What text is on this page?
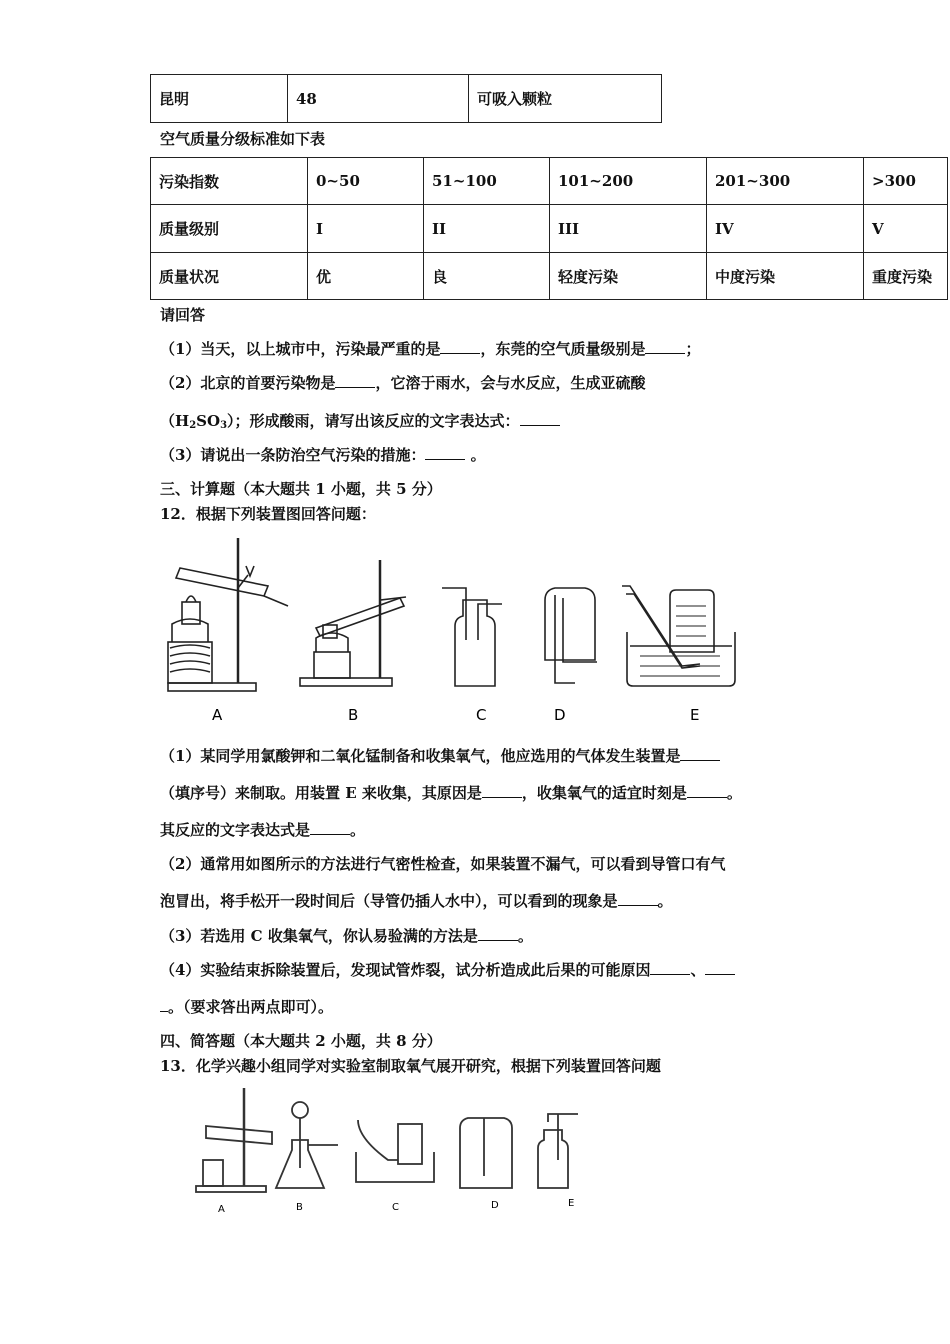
昆明	48	可吸入颗粒
空气质量分级标准如下表
污染指数	0~50	51~100	101~200	201~300	>300
质量级别	I	II	III	IV	V
质量状况	优	良	轻度污染	中度污染	重度污染
请回答
（1）当天，以上城市中，污染最严重的是	，东莞的空气质量级别是	；
（2）北京的首要污染物是	，它溶于雨水，会与水反应，生成亚硫酸
$(H_2SO_3)$；形成酸雨，请写出该反应的文字表达式：
（3）请说出一条防治空气污染的措施：	。
三、计算题（本大题共 1 小题，共 5 分）
12．根据下列装置图回答问题：
A	B	C	D	E
（1）某同学用氯酸钾和二氧化锰制备和收集氧气，他应选用的气体发生装置是
（填序号）来制取。用装置 E 来收集，其原因是	，收集氧气的适宜时刻是	。
其反应的文字表达式是	。
（2）通常用如图所示的方法进行气密性检查，如果装置不漏气，可以看到导管口有气
泡冒出，将手松开一段时间后（导管仍插人水中），可以看到的现象是	。
（3）若选用 C 收集氧气，你认易验满的方法是	。
（4）实验结束拆除装置后，发现试管炸裂，试分析造成此后果的可能原因	、
。（要求答出两点即可）。
四、简答题（本大题共 2 小题，共 8 分）
13．化学兴趣小组同学对实验室制取氧气展开研究，根据下列装置回答问题
A	B	C	D	E
